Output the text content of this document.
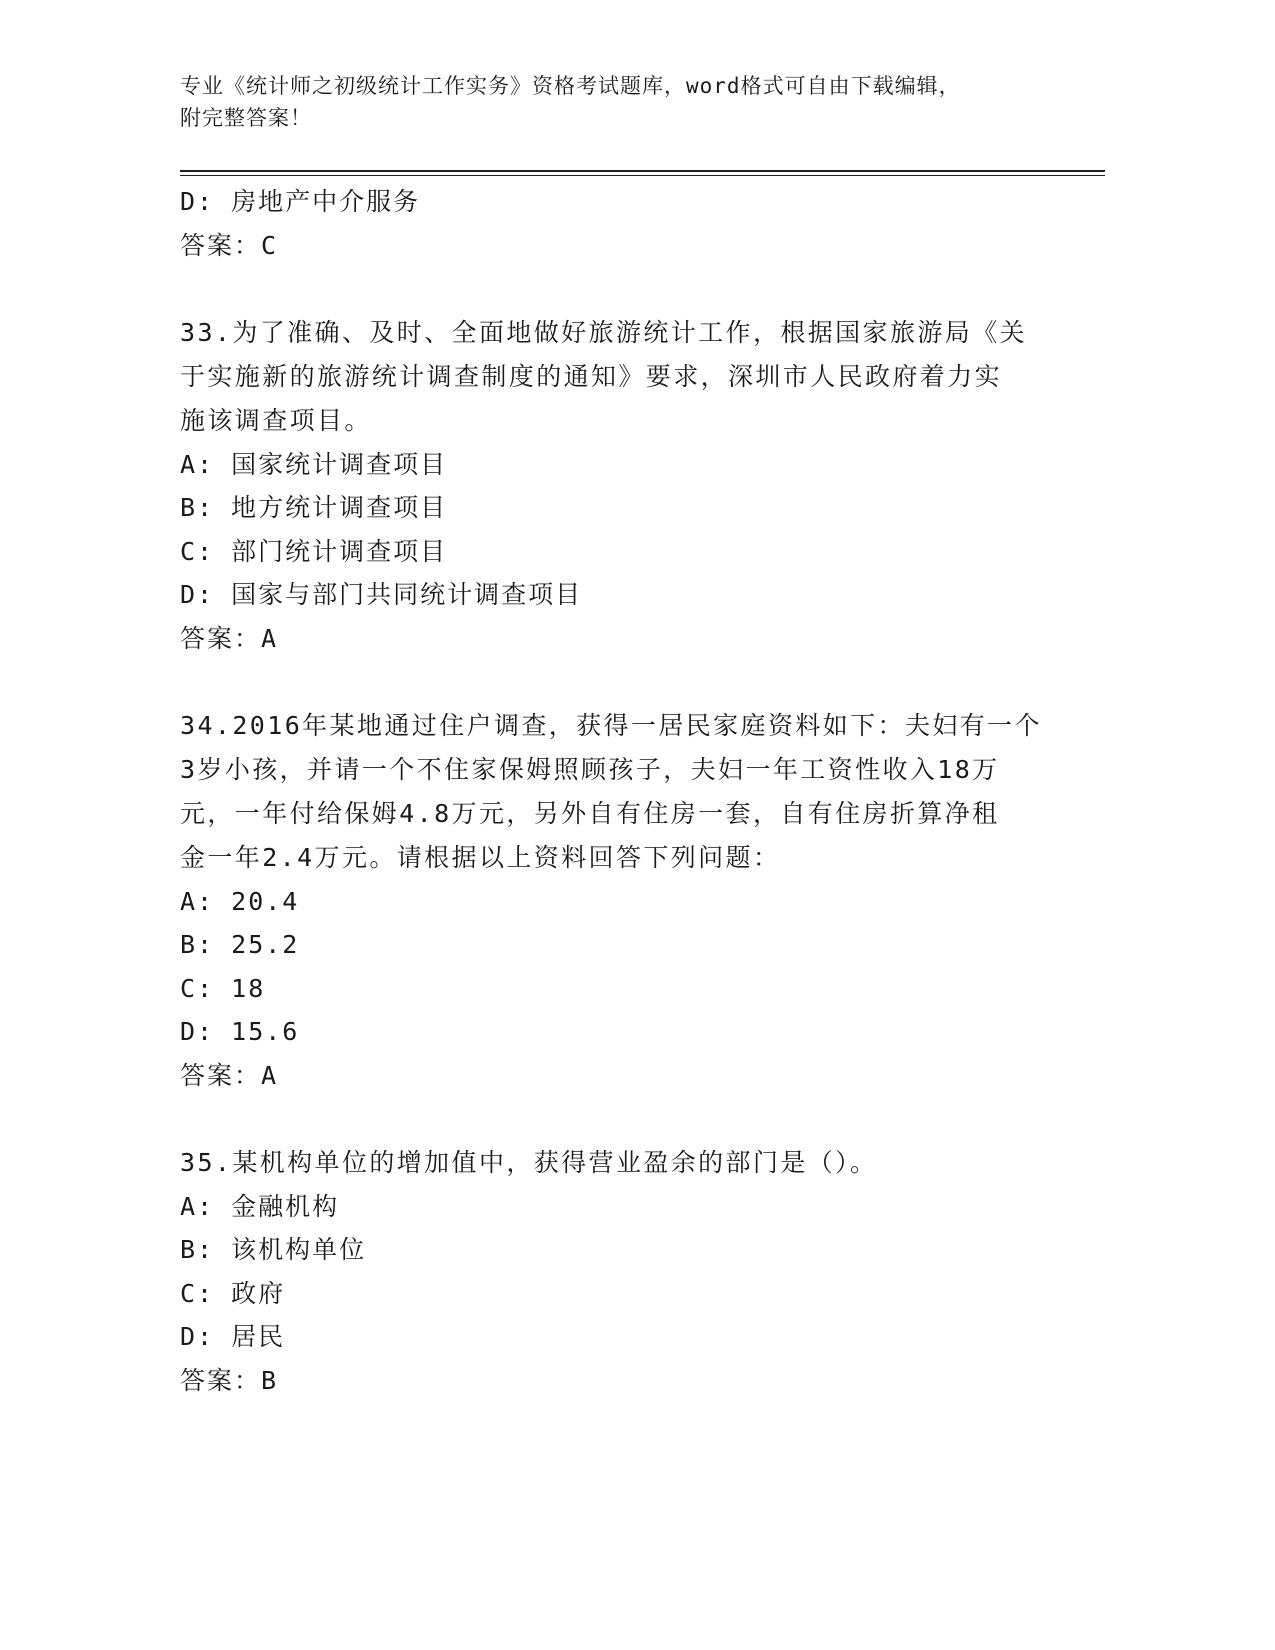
专业《统计师之初级统计工作实务》资格考试题库，word格式可自由下载编辑，
附完整答案！
D: 房地产中介服务
答案：C
33.为了准确、及时、全面地做好旅游统计工作，根据国家旅游局《关
于实施新的旅游统计调查制度的通知》要求，深圳市人民政府着力实
施该调查项目。
A: 国家统计调查项目
B: 地方统计调查项目
C: 部门统计调查项目
D: 国家与部门共同统计调查项目
答案：A
34.2016年某地通过住户调查，获得一居民家庭资料如下：夫妇有一个
3岁小孩，并请一个不住家保姆照顾孩子，夫妇一年工资性收入18万
元，一年付给保姆4.8万元，另外自有住房一套，自有住房折算净租
金一年2.4万元。请根据以上资料回答下列问题：
A: 20.4
B: 25.2
C: 18
D: 15.6
答案：A
35.某机构单位的增加值中，获得营业盈余的部门是（）。
A: 金融机构
B: 该机构单位
C: 政府
D: 居民
答案：B
